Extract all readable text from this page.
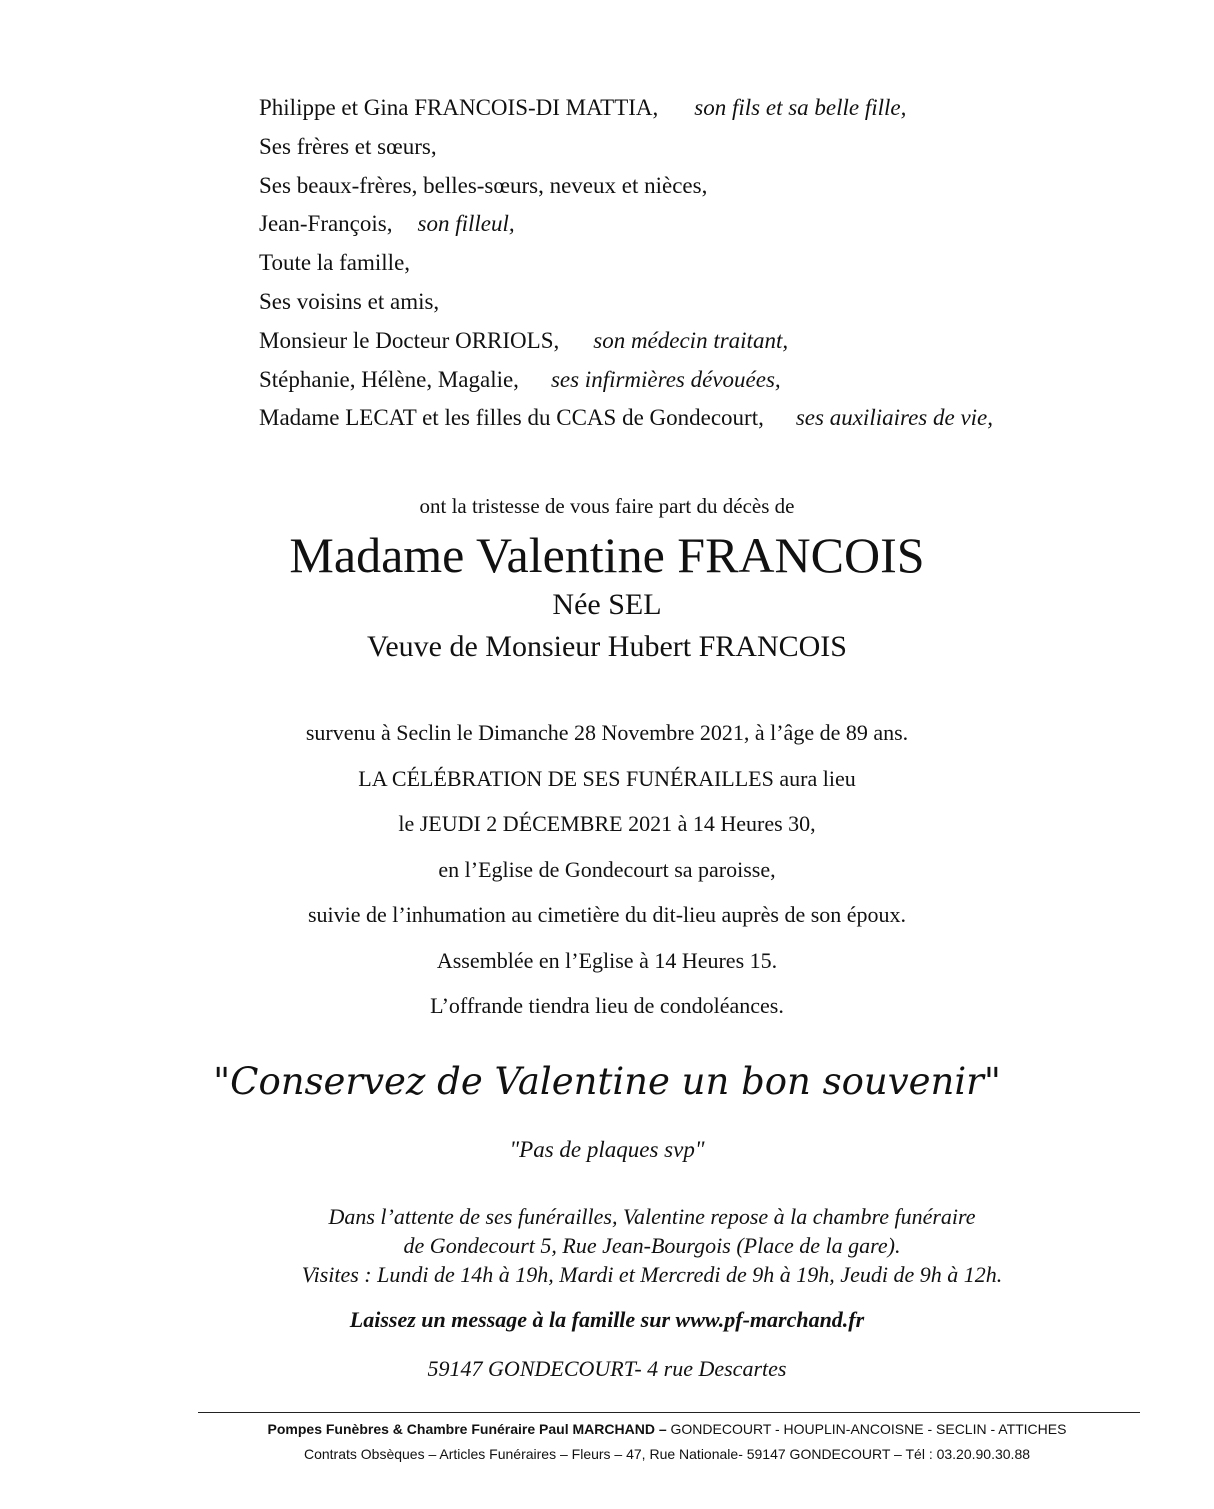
Philippe et Gina FRANCOIS-DI MATTIA, son fils et sa belle fille,
Ses frères et sœurs,
Ses beaux-frères, belles-sœurs, neveux et nièces,
Jean-François, son filleul,
Toute la famille,
Ses voisins et amis,
Monsieur le Docteur ORRIOLS, son médecin traitant,
Stéphanie, Hélène, Magalie, ses infirmières dévouées,
Madame LECAT et les filles du CCAS de Gondecourt, ses auxiliaires de vie,
ont la tristesse de vous faire part du décès de
Madame Valentine FRANCOIS
Née SEL
Veuve de Monsieur Hubert FRANCOIS
survenu à Seclin le Dimanche 28 Novembre 2021, à l’âge de 89 ans.
LA CÉLÉBRATION DE SES FUNÉRAILLES aura lieu
le JEUDI 2 DÉCEMBRE 2021 à 14 Heures 30,
en l’Eglise de Gondecourt sa paroisse,
suivie de l’inhumation au cimetière du dit-lieu auprès de son époux.
Assemblée en l’Eglise à 14 Heures 15.
L’offrande tiendra lieu de condoléances.
"Conservez de Valentine un bon souvenir"
"Pas de plaques svp"
Dans l’attente de ses funérailles, Valentine repose à la chambre funéraire
de Gondecourt 5, Rue Jean-Bourgois (Place de la gare).
Visites : Lundi de 14h à 19h, Mardi et Mercredi de 9h à 19h, Jeudi de 9h à 12h.
Laissez un message à la famille sur www.pf-marchand.fr
59147 GONDECOURT- 4 rue Descartes
Pompes Funèbres & Chambre Funéraire Paul MARCHAND – GONDECOURT - HOUPLIN-ANCOISNE - SECLIN - ATTICHES
Contrats Obsèques – Articles Funéraires – Fleurs – 47, Rue Nationale- 59147 GONDECOURT – Tél : 03.20.90.30.88
